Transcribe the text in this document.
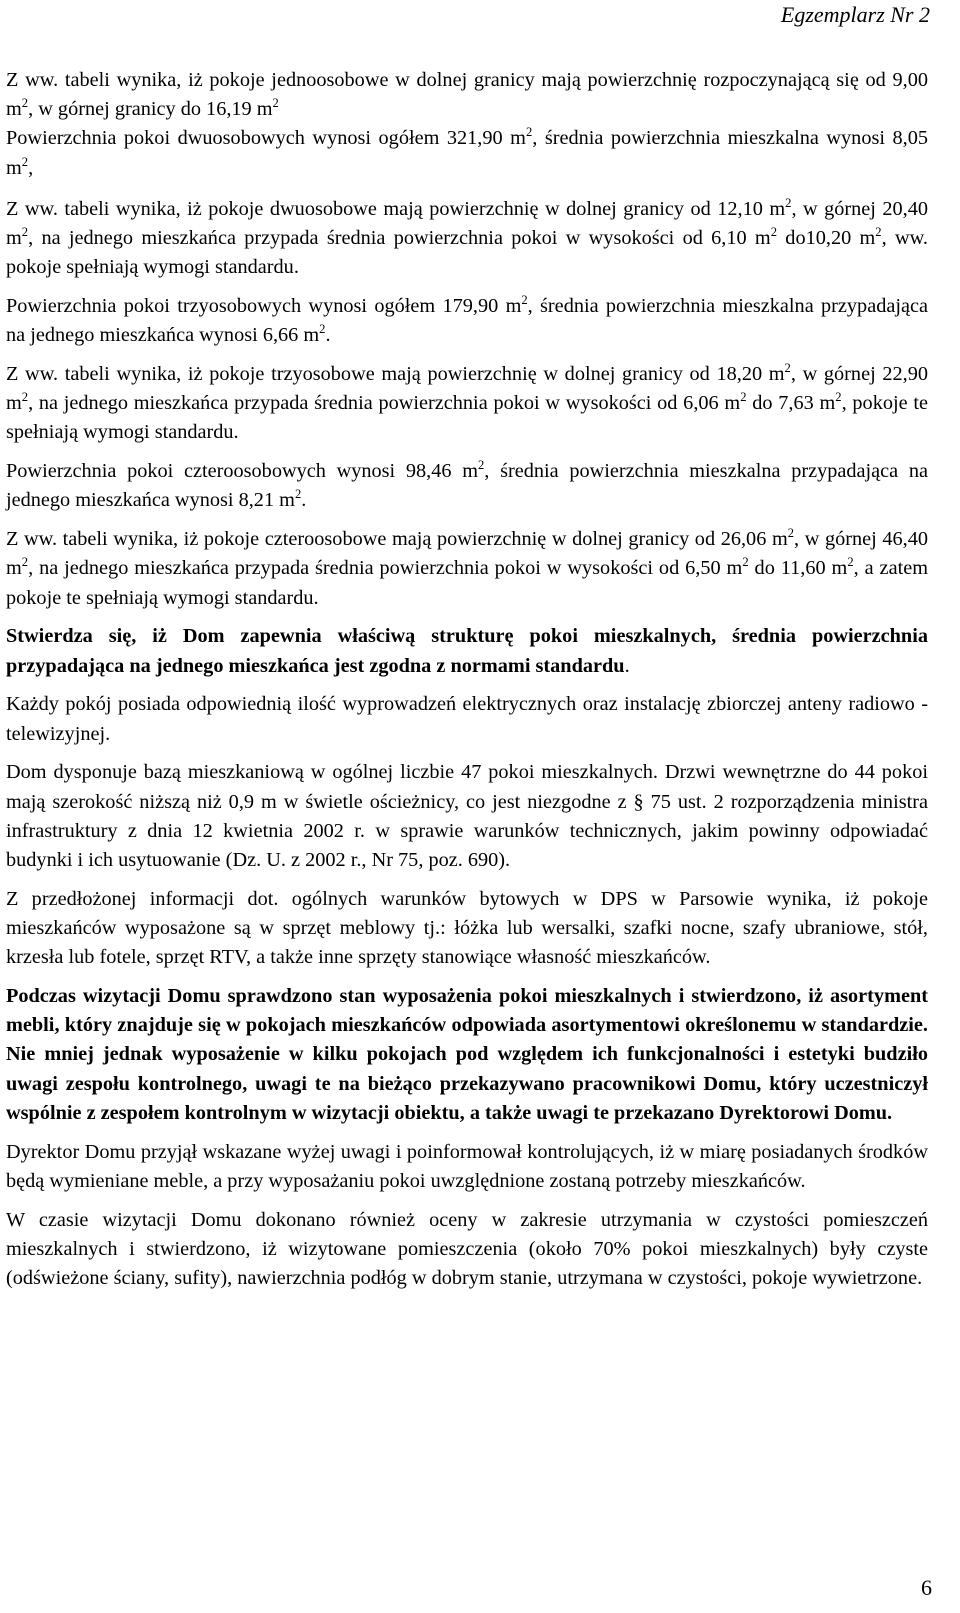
Egzemplarz Nr 2

Z ww. tabeli wynika, iż pokoje jednoosobowe w dolnej granicy mają powierzchnię rozpoczynającą się od 9,00 $m^2$, w górnej granicy do 16,19 $m^2$
Powierzchnia pokoi dwuosobowych wynosi ogółem 321,90 $m^2$, średnia powierzchnia mieszkalna wynosi 8,05 $m^2$,

Z ww. tabeli wynika, iż pokoje dwuosobowe mają powierzchnię w dolnej granicy od 12,10 $m^2$, w górnej 20,40 $m^2$, na jednego mieszkańca przypada średnia powierzchnia pokoi w wysokości od 6,10 $m^2$ do10,20 $m^2$, ww. pokoje spełniają wymogi standardu.

Powierzchnia pokoi trzyosobowych wynosi ogółem 179,90 $m^2$, średnia powierzchnia mieszkalna przypadająca na jednego mieszkańca wynosi 6,66 $m^2$.

Z ww. tabeli wynika, iż pokoje trzyosobowe mają powierzchnię w dolnej granicy od 18,20 $m^2$, w górnej 22,90 $m^2$, na jednego mieszkańca przypada średnia powierzchnia pokoi w wysokości od 6,06 $m^2$ do 7,63 $m^2$, pokoje te spełniają wymogi standardu.

Powierzchnia pokoi czteroosobowych wynosi 98,46 $m^2$, średnia powierzchnia mieszkalna przypadająca na jednego mieszkańca wynosi 8,21 $m^2$.

Z ww. tabeli wynika, iż pokoje czteroosobowe mają powierzchnię w dolnej granicy od 26,06 $m^2$, w górnej 46,40 $m^2$, na jednego mieszkańca przypada średnia powierzchnia pokoi w wysokości od 6,50 $m^2$ do 11,60 $m^2$, a zatem pokoje te spełniają wymogi standardu.

Stwierdza się, iż Dom zapewnia właściwą strukturę pokoi mieszkalnych, średnia powierzchnia przypadająca na jednego mieszkańca jest zgodna z normami standardu.

Każdy pokój posiada odpowiednią ilość wyprowadzeń elektrycznych oraz instalację zbiorczej anteny radiowo - telewizyjnej.

Dom dysponuje bazą mieszkaniową w ogólnej liczbie 47 pokoi mieszkalnych. Drzwi wewnętrzne do 44 pokoi mają szerokość niższą niż 0,9 m w świetle ościeżnicy, co jest niezgodne z § 75 ust. 2 rozporządzenia ministra infrastruktury z dnia 12 kwietnia 2002 r. w sprawie warunków technicznych, jakim powinny odpowiadać budynki i ich usytuowanie (Dz. U. z 2002 r., Nr 75, poz. 690).

Z przedłożonej informacji dot. ogólnych warunków bytowych w DPS w Parsowie wynika, iż pokoje mieszkańców wyposażone są w sprzęt meblowy tj.: łóżka lub wersalki, szafki nocne, szafy ubraniowe, stół, krzesła lub fotele, sprzęt RTV, a także inne sprzęty stanowiące własność mieszkańców.

Podczas wizytacji Domu sprawdzono stan wyposażenia pokoi mieszkalnych i stwierdzono, iż asortyment mebli, który znajduje się w pokojach mieszkańców odpowiada asortymentowi określonemu w standardzie. Nie mniej jednak wyposażenie w kilku pokojach pod względem ich funkcjonalności i estetyki budziło uwagi zespołu kontrolnego, uwagi te na bieżąco przekazywano pracownikowi Domu, który uczestniczył wspólnie z zespołem kontrolnym w wizytacji obiektu, a także uwagi te przekazano Dyrektorowi Domu.

Dyrektor Domu przyjął wskazane wyżej uwagi i poinformował kontrolujących, iż w miarę posiadanych środków będą wymieniane meble, a przy wyposażaniu pokoi uwzględnione zostaną potrzeby mieszkańców.

W czasie wizytacji Domu dokonano również oceny w zakresie utrzymania w czystości pomieszczeń mieszkalnych i stwierdzono, iż wizytowane pomieszczenia (około 70% pokoi mieszkalnych) były czyste (odświeżone ściany, sufity), nawierzchnia podłóg w dobrym stanie, utrzymana w czystości, pokoje wywietrzone.

6
